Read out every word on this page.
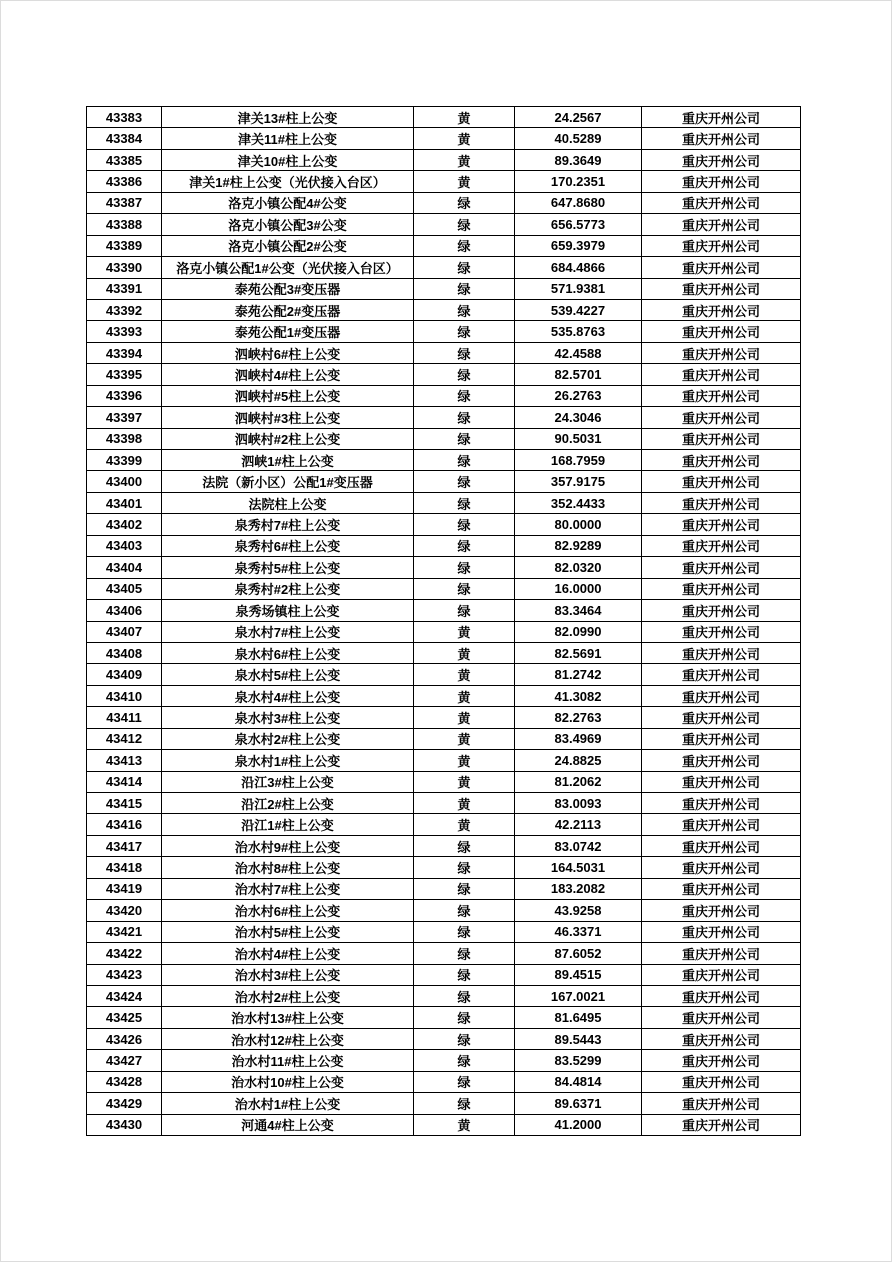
43383	津关13#柱上公变	黄	24.2567	重庆开州公司
43384	津关11#柱上公变	黄	40.5289	重庆开州公司
43385	津关10#柱上公变	黄	89.3649	重庆开州公司
43386	津关1#柱上公变（光伏接入台区）	黄	170.2351	重庆开州公司
43387	洛克小镇公配4#公变	绿	647.8680	重庆开州公司
43388	洛克小镇公配3#公变	绿	656.5773	重庆开州公司
43389	洛克小镇公配2#公变	绿	659.3979	重庆开州公司
43390	洛克小镇公配1#公变（光伏接入台区）	绿	684.4866	重庆开州公司
43391	泰苑公配3#变压器	绿	571.9381	重庆开州公司
43392	泰苑公配2#变压器	绿	539.4227	重庆开州公司
43393	泰苑公配1#变压器	绿	535.8763	重庆开州公司
43394	泗峡村6#柱上公变	绿	42.4588	重庆开州公司
43395	泗峡村4#柱上公变	绿	82.5701	重庆开州公司
43396	泗峡村#5柱上公变	绿	26.2763	重庆开州公司
43397	泗峡村#3柱上公变	绿	24.3046	重庆开州公司
43398	泗峡村#2柱上公变	绿	90.5031	重庆开州公司
43399	泗峡1#柱上公变	绿	168.7959	重庆开州公司
43400	法院（新小区）公配1#变压器	绿	357.9175	重庆开州公司
43401	法院柱上公变	绿	352.4433	重庆开州公司
43402	泉秀村7#柱上公变	绿	80.0000	重庆开州公司
43403	泉秀村6#柱上公变	绿	82.9289	重庆开州公司
43404	泉秀村5#柱上公变	绿	82.0320	重庆开州公司
43405	泉秀村#2柱上公变	绿	16.0000	重庆开州公司
43406	泉秀场镇柱上公变	绿	83.3464	重庆开州公司
43407	泉水村7#柱上公变	黄	82.0990	重庆开州公司
43408	泉水村6#柱上公变	黄	82.5691	重庆开州公司
43409	泉水村5#柱上公变	黄	81.2742	重庆开州公司
43410	泉水村4#柱上公变	黄	41.3082	重庆开州公司
43411	泉水村3#柱上公变	黄	82.2763	重庆开州公司
43412	泉水村2#柱上公变	黄	83.4969	重庆开州公司
43413	泉水村1#柱上公变	黄	24.8825	重庆开州公司
43414	沿江3#柱上公变	黄	81.2062	重庆开州公司
43415	沿江2#柱上公变	黄	83.0093	重庆开州公司
43416	沿江1#柱上公变	黄	42.2113	重庆开州公司
43417	治水村9#柱上公变	绿	83.0742	重庆开州公司
43418	治水村8#柱上公变	绿	164.5031	重庆开州公司
43419	治水村7#柱上公变	绿	183.2082	重庆开州公司
43420	治水村6#柱上公变	绿	43.9258	重庆开州公司
43421	治水村5#柱上公变	绿	46.3371	重庆开州公司
43422	治水村4#柱上公变	绿	87.6052	重庆开州公司
43423	治水村3#柱上公变	绿	89.4515	重庆开州公司
43424	治水村2#柱上公变	绿	167.0021	重庆开州公司
43425	治水村13#柱上公变	绿	81.6495	重庆开州公司
43426	治水村12#柱上公变	绿	89.5443	重庆开州公司
43427	治水村11#柱上公变	绿	83.5299	重庆开州公司
43428	治水村10#柱上公变	绿	84.4814	重庆开州公司
43429	治水村1#柱上公变	绿	89.6371	重庆开州公司
43430	河通4#柱上公变	黄	41.2000	重庆开州公司
